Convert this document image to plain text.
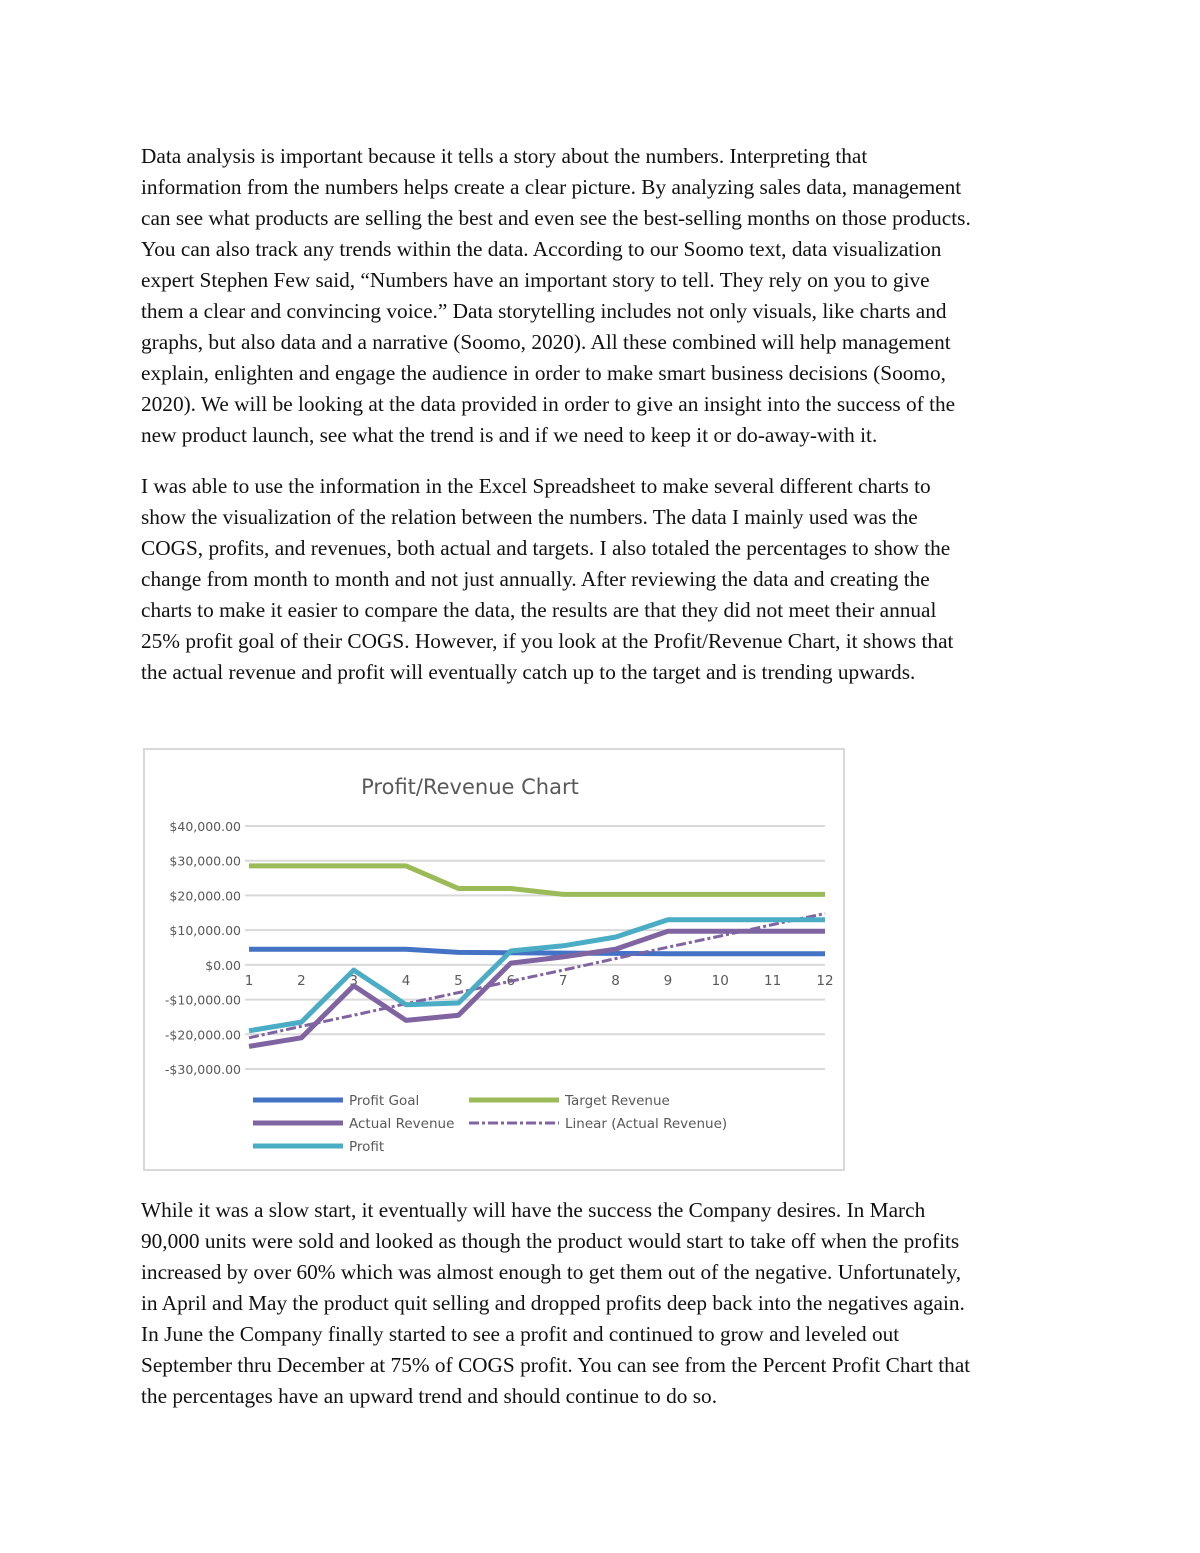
Data analysis is important because it tells a story about the numbers. Interpreting that
information from the numbers helps create a clear picture. By analyzing sales data, management
can see what products are selling the best and even see the best-selling months on those products.
You can also track any trends within the data. According to our Soomo text, data visualization
expert Stephen Few said, “Numbers have an important story to tell. They rely on you to give
them a clear and convincing voice.” Data storytelling includes not only visuals, like charts and
graphs, but also data and a narrative (Soomo, 2020). All these combined will help management
explain, enlighten and engage the audience in order to make smart business decisions (Soomo,
2020). We will be looking at the data provided in order to give an insight into the success of the
new product launch, see what the trend is and if we need to keep it or do-away-with it.

I was able to use the information in the Excel Spreadsheet to make several different charts to
show the visualization of the relation between the numbers. The data I mainly used was the
COGS, profits, and revenues, both actual and targets. I also totaled the percentages to show the
change from month to month and not just annually. After reviewing the data and creating the
charts to make it easier to compare the data, the results are that they did not meet their annual
25% profit goal of their COGS. However, if you look at the Profit/Revenue Chart, it shows that
the actual revenue and profit will eventually catch up to the target and is trending upwards.

Profit/Revenue Chart
$40,000.00
$30,000.00
$20,000.00
$10,000.00
$0.00
-$10,000.00
-$20,000.00
-$30,000.00
1	2	3	4	5	6	7	8	9	10	11	12
Profit Goal	Target Revenue
Actual Revenue	Linear (Actual Revenue)
Profit

While it was a slow start, it eventually will have the success the Company desires. In March
90,000 units were sold and looked as though the product would start to take off when the profits
increased by over 60% which was almost enough to get them out of the negative. Unfortunately,
in April and May the product quit selling and dropped profits deep back into the negatives again.
In June the Company finally started to see a profit and continued to grow and leveled out
September thru December at 75% of COGS profit. You can see from the Percent Profit Chart that
the percentages have an upward trend and should continue to do so.
